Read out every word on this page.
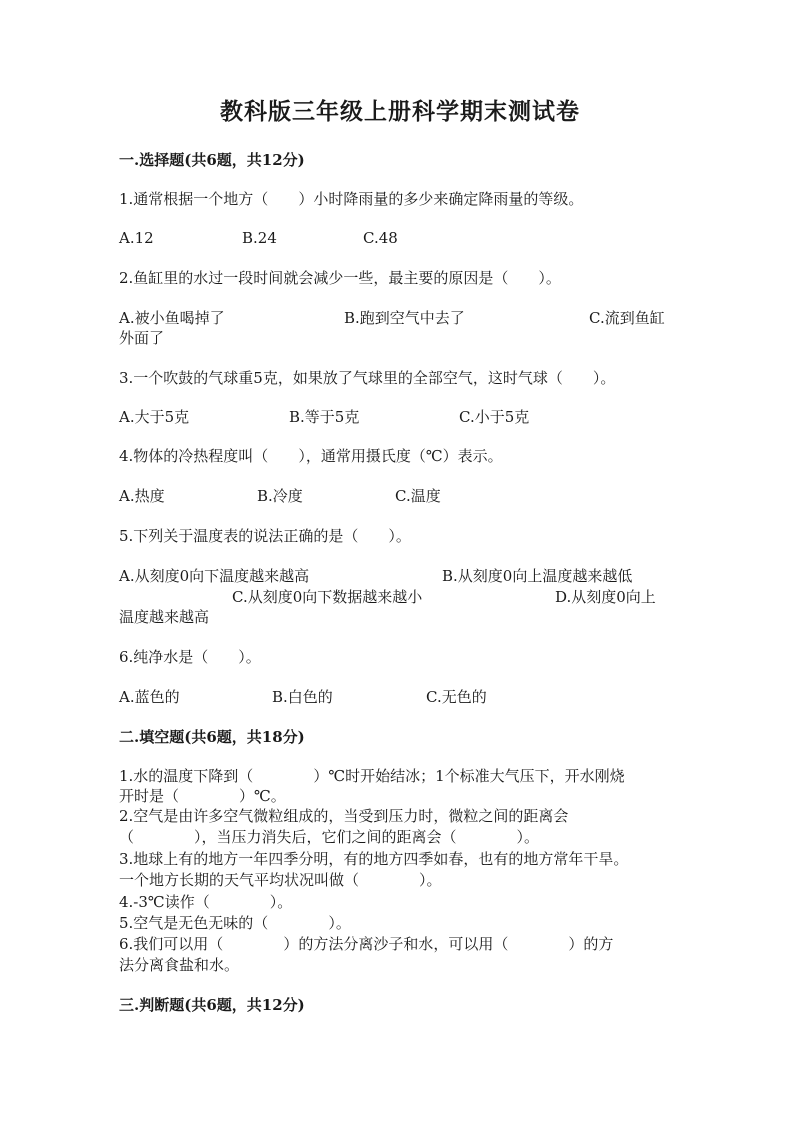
教科版三年级上册科学期末测试卷
一.选择题(共6题，共12分)
1.通常根据一个地方（　　）小时降雨量的多少来确定降雨量的等级。
A.12	B.24	C.48
2.鱼缸里的水过一段时间就会减少一些，最主要的原因是（　　）。
A.被小鱼喝掉了	B.跑到空气中去了	C.流到鱼缸
外面了
3.一个吹鼓的气球重5克，如果放了气球里的全部空气，这时气球（　　）。
A.大于5克	B.等于5克	C.小于5克
4.物体的冷热程度叫（　　），通常用摄氏度（℃）表示。
A.热度	B.冷度	C.温度
5.下列关于温度表的说法正确的是（　　）。
A.从刻度0向下温度越来越高	B.从刻度0向上温度越来越低
C.从刻度0向下数据越来越小	D.从刻度0向上
温度越来越高
6.纯净水是（　　）。
A.蓝色的	B.白色的	C.无色的
二.填空题(共6题，共18分)
1.水的温度下降到（　　　　）℃时开始结冰；1个标准大气压下，开水刚烧
开时是（　　　　）℃。
2.空气是由许多空气微粒组成的，当受到压力时，微粒之间的距离会
（　　　　），当压力消失后，它们之间的距离会（　　　　）。
3.地球上有的地方一年四季分明，有的地方四季如春，也有的地方常年干旱。
一个地方长期的天气平均状况叫做（　　　　）。
4.-3℃读作（　　　　）。
5.空气是无色无味的（　　　　）。
6.我们可以用（　　　　）的方法分离沙子和水，可以用（　　　　）的方
法分离食盐和水。
三.判断题(共6题，共12分)
